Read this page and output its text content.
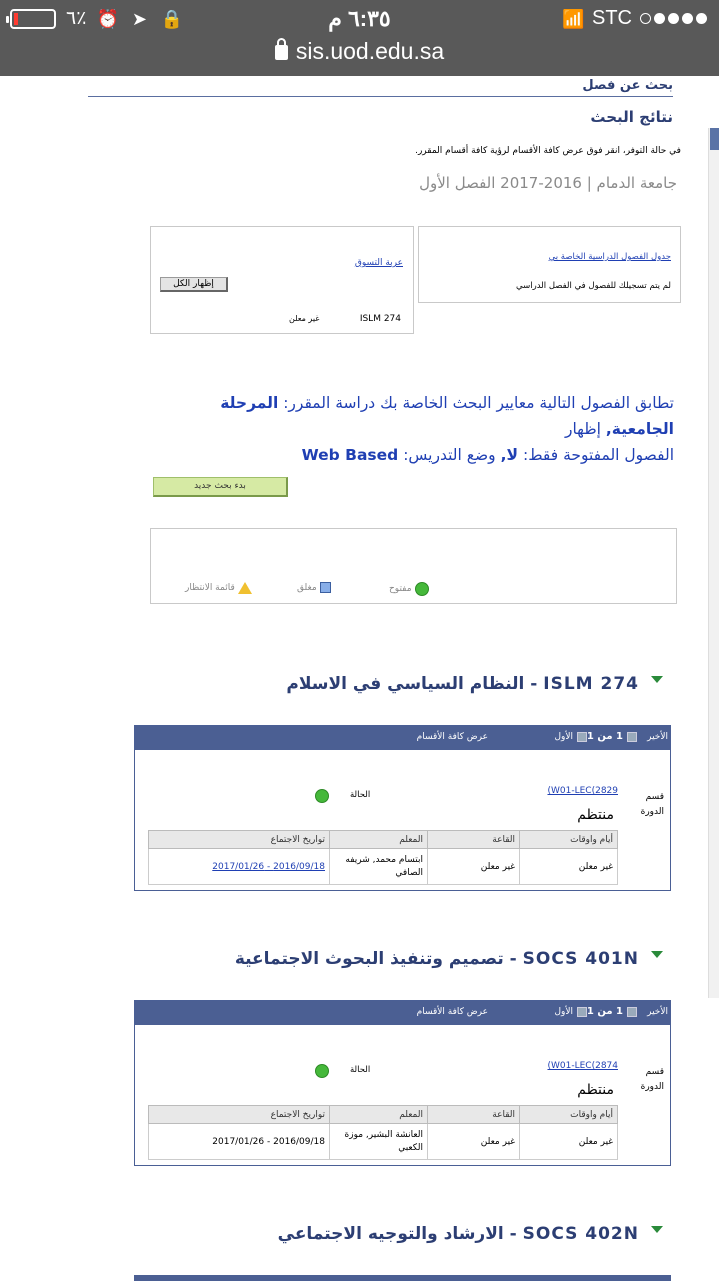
٦٪ ⏰ ➤ 🔒	٦:٣٥ م	📶 STC
sis.uod.edu.sa
بحث عن فصل
نتائج البحث
في حالة التوفر، انقر فوق عرض كافة الأقسام لرؤية كافة أقسام المقرر.
جامعة الدمام | 2016-2017 الفصل الأول
عربة التسوق
ISLM 274
غير معلن
إظهار الكل
جدول الفصول الدراسية الخاصة بي
لم يتم تسجيلك للفصول في الفصل الدراسي
تطابق الفصول التالية معايير البحث الخاصة بك دراسة المقرر: المرحلة الجامعية, إظهار
الفصول المفتوحة فقط: لا, وضع التدريس: Web Based
بدء بحث جديد
مفتوح
مغلق
قائمة الانتظار
ISLM 274 - النظام السياسي في الاسلام
الأخير
1 من 1
الأول
عرض كافة الأقسام
قسم الدورة
(W01-LEC(2829
منتظم
الحالة
أيام واوقات	القاعة	المعلم	تواريخ الاجتماع
غير معلن	غير معلن	ابتسام محمد, شريفه الصافي	2016/09/18 - 2017/01/26
SOCS 401N - تصميم وتنفيذ البحوث الاجتماعية
الأخير
1 من 1
الأول
عرض كافة الأقسام
قسم الدورة
(W01-LEC(2874
منتظم
الحالة
أيام واوقات	القاعة	المعلم	تواريخ الاجتماع
غير معلن	غير معلن	العانشة البشير, موزة الكعبي	2016/09/18 - 2017/01/26
SOCS 402N - الارشاد والتوجيه الاجتماعي
